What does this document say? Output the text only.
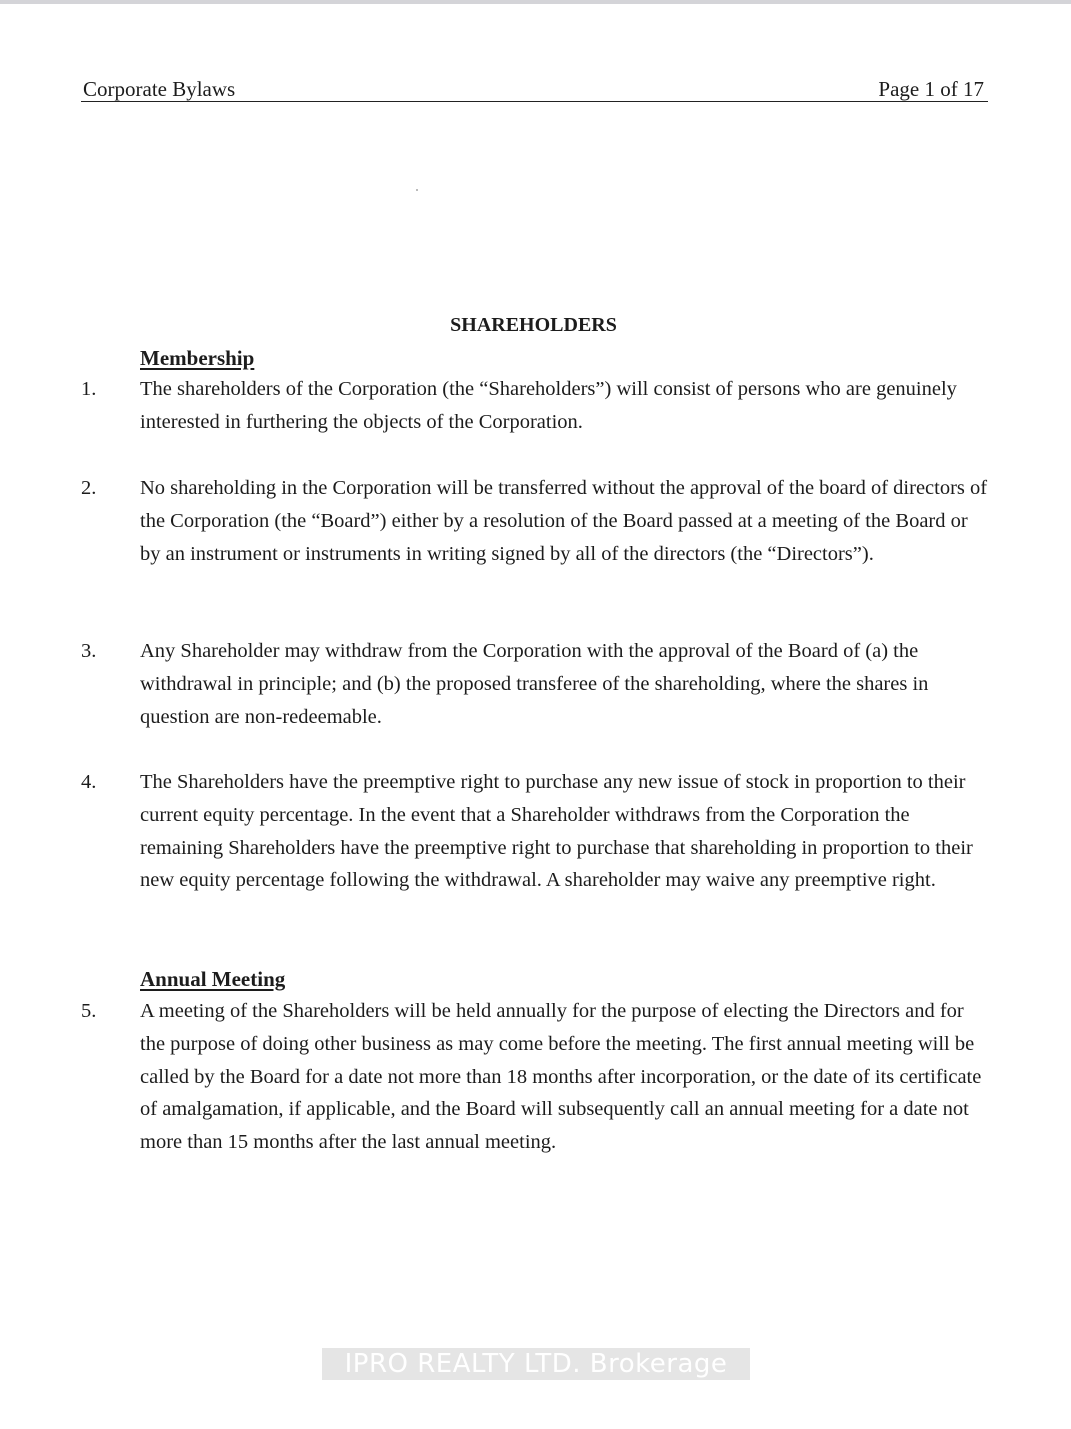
Corporate Bylaws	Page 1 of 17
SHAREHOLDERS
Membership
1. The shareholders of the Corporation (the “Shareholders”) will consist of persons who are genuinely interested in furthering the objects of the Corporation.
2. No shareholding in the Corporation will be transferred without the approval of the board of directors of the Corporation (the “Board”) either by a resolution of the Board passed at a meeting of the Board or by an instrument or instruments in writing signed by all of the directors (the “Directors”).
3. Any Shareholder may withdraw from the Corporation with the approval of the Board of (a) the withdrawal in principle; and (b) the proposed transferee of the shareholding, where the shares in question are non-redeemable.
4. The Shareholders have the preemptive right to purchase any new issue of stock in proportion to their current equity percentage. In the event that a Shareholder withdraws from the Corporation the remaining Shareholders have the preemptive right to purchase that shareholding in proportion to their new equity percentage following the withdrawal. A shareholder may waive any preemptive right.
Annual Meeting
5. A meeting of the Shareholders will be held annually for the purpose of electing the Directors and for the purpose of doing other business as may come before the meeting. The first annual meeting will be called by the Board for a date not more than 18 months after incorporation, or the date of its certificate of amalgamation, if applicable, and the Board will subsequently call an annual meeting for a date not more than 15 months after the last annual meeting.
IPRO REALTY LTD. Brokerage
